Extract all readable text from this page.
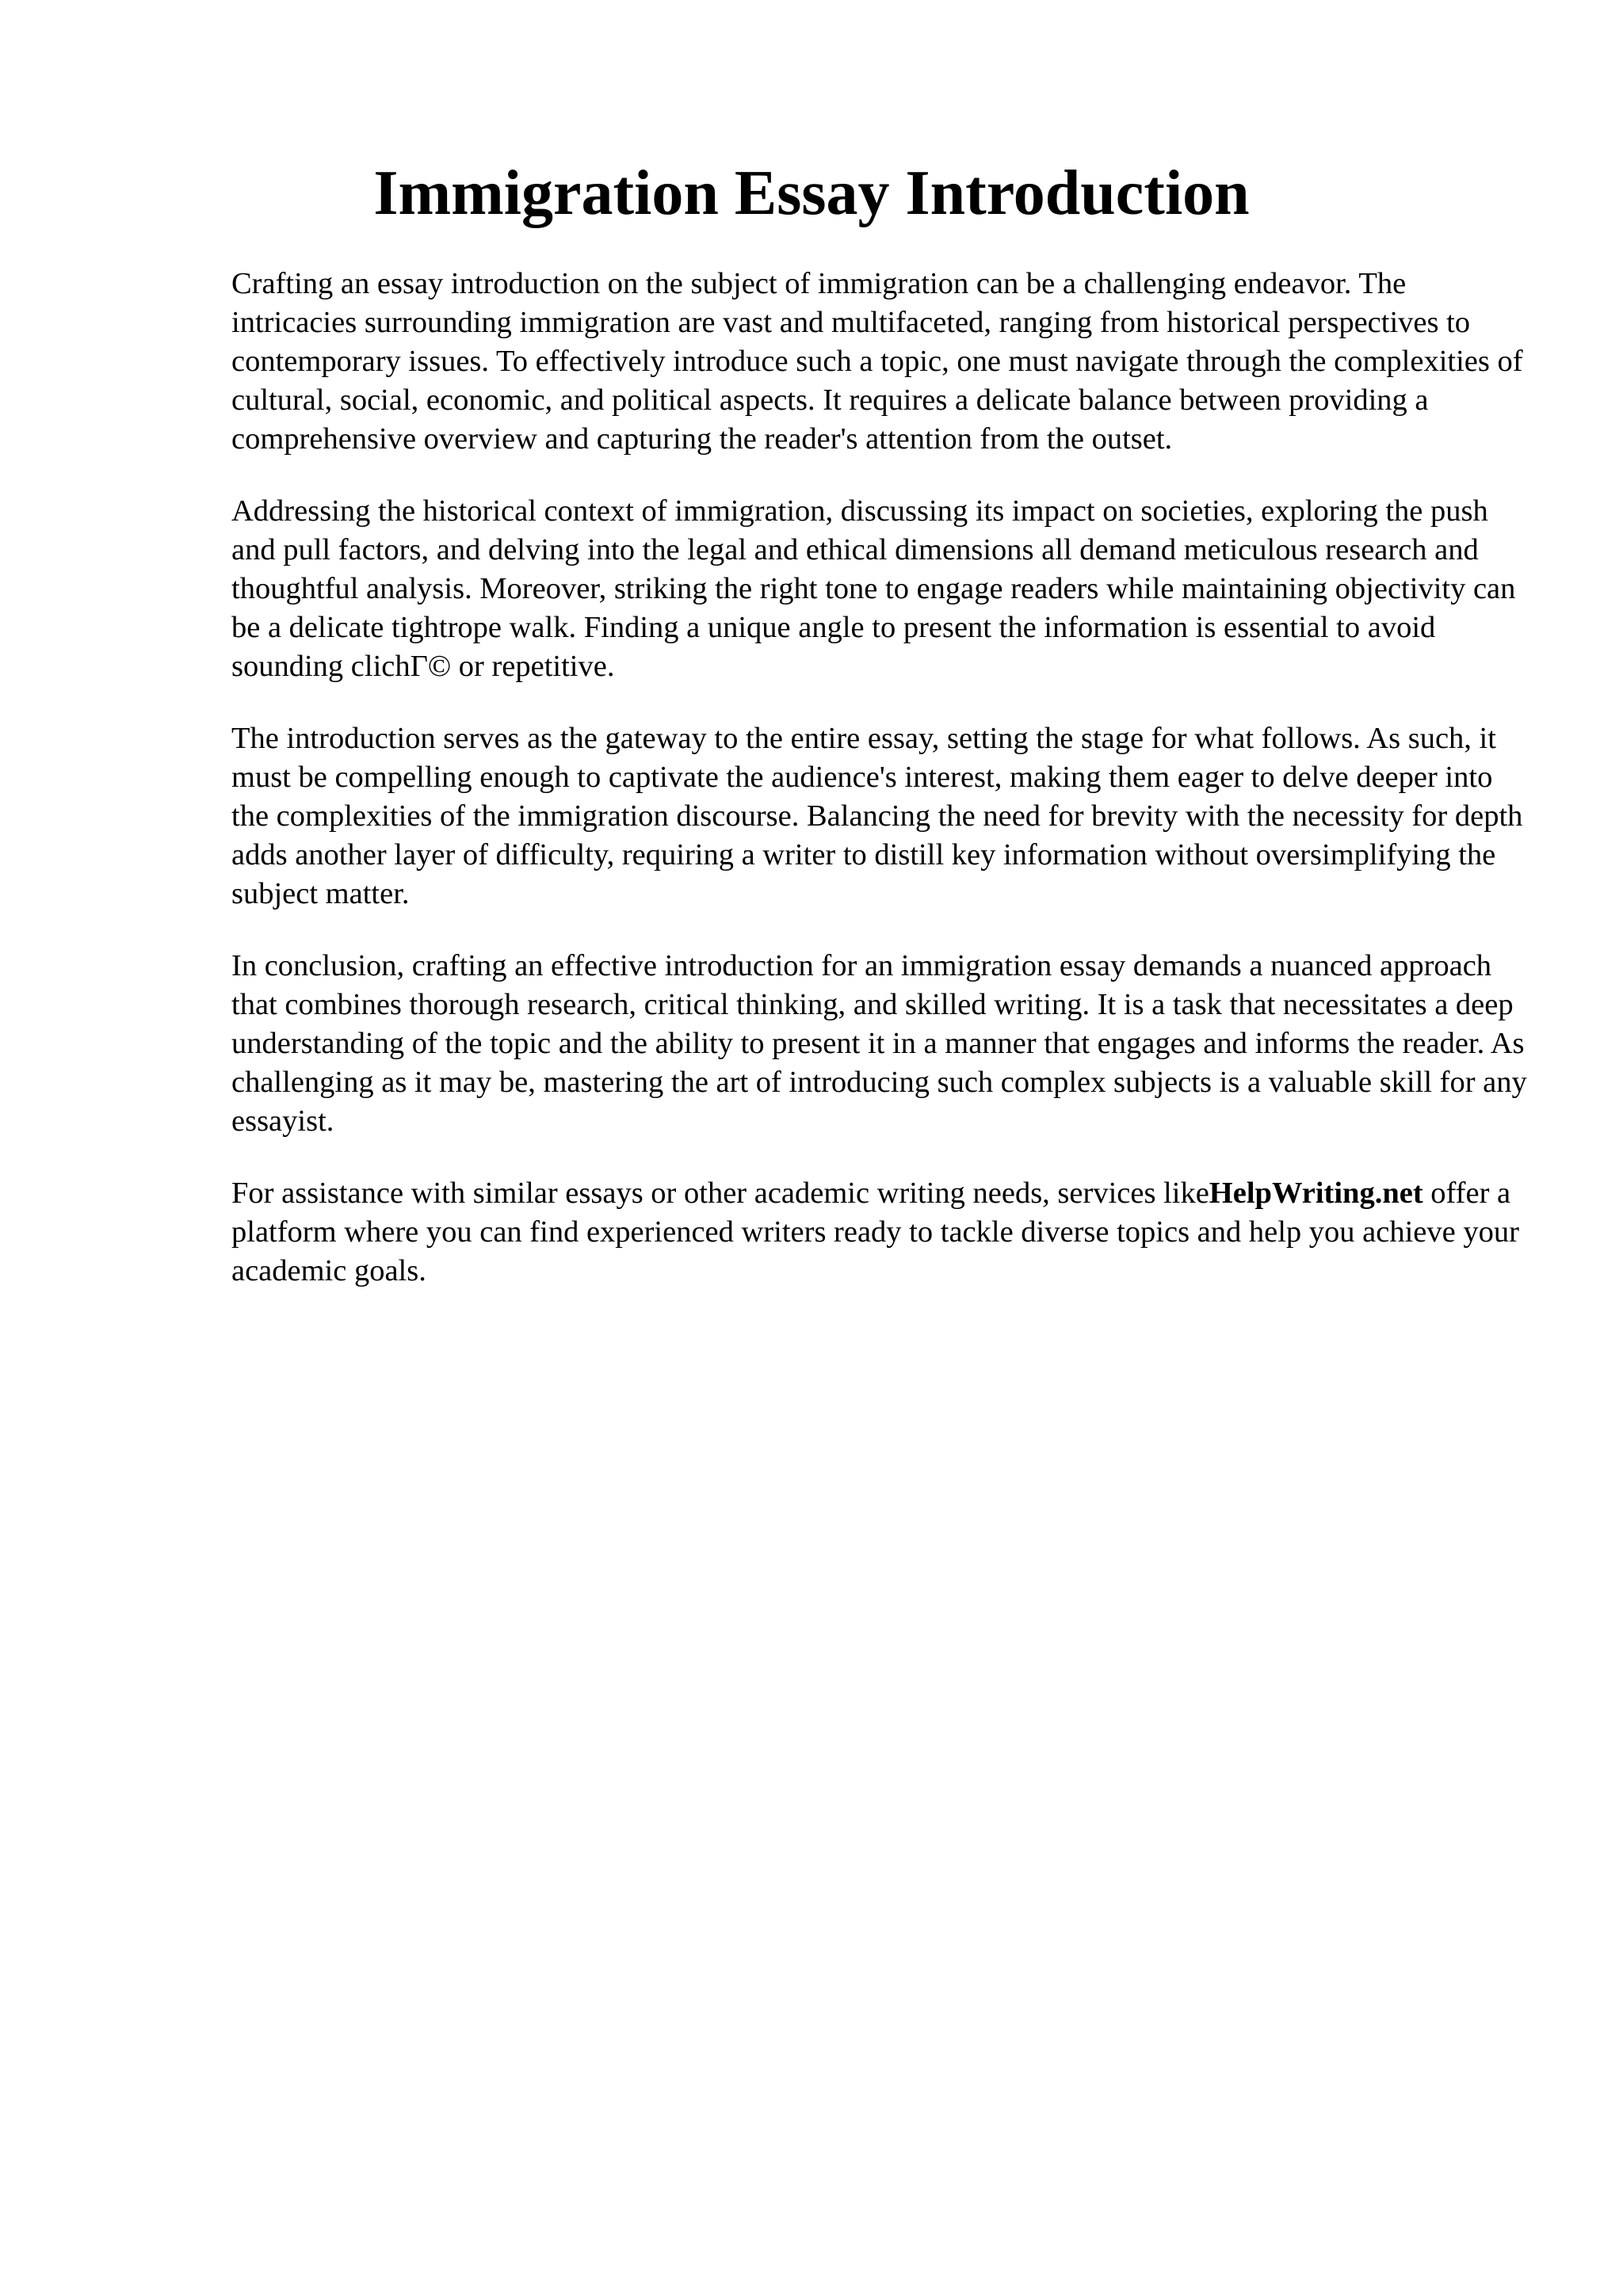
Immigration Essay Introduction

Crafting an essay introduction on the subject of immigration can be a challenging endeavor. The intricacies surrounding immigration are vast and multifaceted, ranging from historical perspectives to contemporary issues. To effectively introduce such a topic, one must navigate through the complexities of cultural, social, economic, and political aspects. It requires a delicate balance between providing a comprehensive overview and capturing the reader's attention from the outset.

Addressing the historical context of immigration, discussing its impact on societies, exploring the push and pull factors, and delving into the legal and ethical dimensions all demand meticulous research and thoughtful analysis. Moreover, striking the right tone to engage readers while maintaining objectivity can be a delicate tightrope walk. Finding a unique angle to present the information is essential to avoid sounding clichΓ© or repetitive.

The introduction serves as the gateway to the entire essay, setting the stage for what follows. As such, it must be compelling enough to captivate the audience's interest, making them eager to delve deeper into the complexities of the immigration discourse. Balancing the need for brevity with the necessity for depth adds another layer of difficulty, requiring a writer to distill key information without oversimplifying the subject matter.

In conclusion, crafting an effective introduction for an immigration essay demands a nuanced approach that combines thorough research, critical thinking, and skilled writing. It is a task that necessitates a deep understanding of the topic and the ability to present it in a manner that engages and informs the reader. As challenging as it may be, mastering the art of introducing such complex subjects is a valuable skill for any essayist.

For assistance with similar essays or other academic writing needs, services likeHelpWriting.net offer a platform where you can find experienced writers ready to tackle diverse topics and help you achieve your academic goals.
